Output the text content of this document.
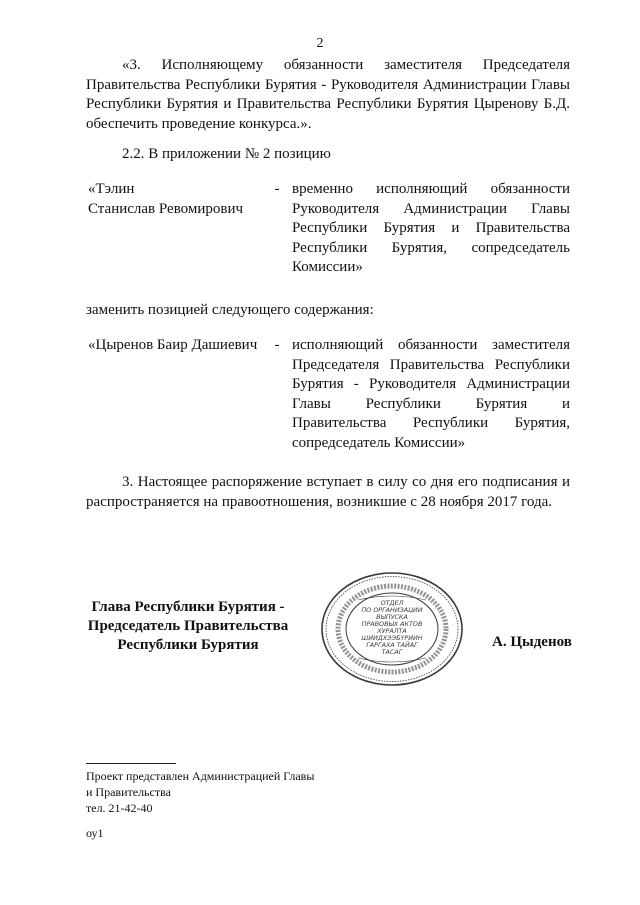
2

«3. Исполняющему обязанности заместителя Председателя Правительства Республики Бурятия - Руководителя Администрации Главы Республики Бурятия и Правительства Республики Бурятия Цыренову Б.Д. обеспечить проведение конкурса.».

2.2. В приложении № 2 позицию

«Тэлин
Станислав Ревомирович
- временно исполняющий обязанности Руководителя Администрации Главы Республики Бурятия и Правительства Республики Бурятия, сопредседатель Комиссии»

заменить позицией следующего содержания:

«Цыренов Баир Дашиевич	- исполняющий обязанности заместителя Председателя Правительства Республики Бурятия - Руководителя Администрации Главы Республики Бурятия и Правительства Республики Бурятия, сопредседатель Комиссии»

3. Настоящее распоряжение вступает в силу со дня его подписания и распространяется на правоотношения, возникшие с 28 ноября 2017 года.

Глава Республики Бурятия -
Председатель Правительства
Республики Бурятия
ОТДЕЛ
ПО ОРГАНИЗАЦИИ
ВЫПУСКА
ПРАВОВЫХ АКТОВ
ХУРАЛТА
ШИИДХЭЭБҮРИИН
ГАРГАХА ТАЙАГ
ТАСАГ
А. Цыденов
Проект представлен Администрацией Главы
и Правительства
тел. 21-42-40
оу1
